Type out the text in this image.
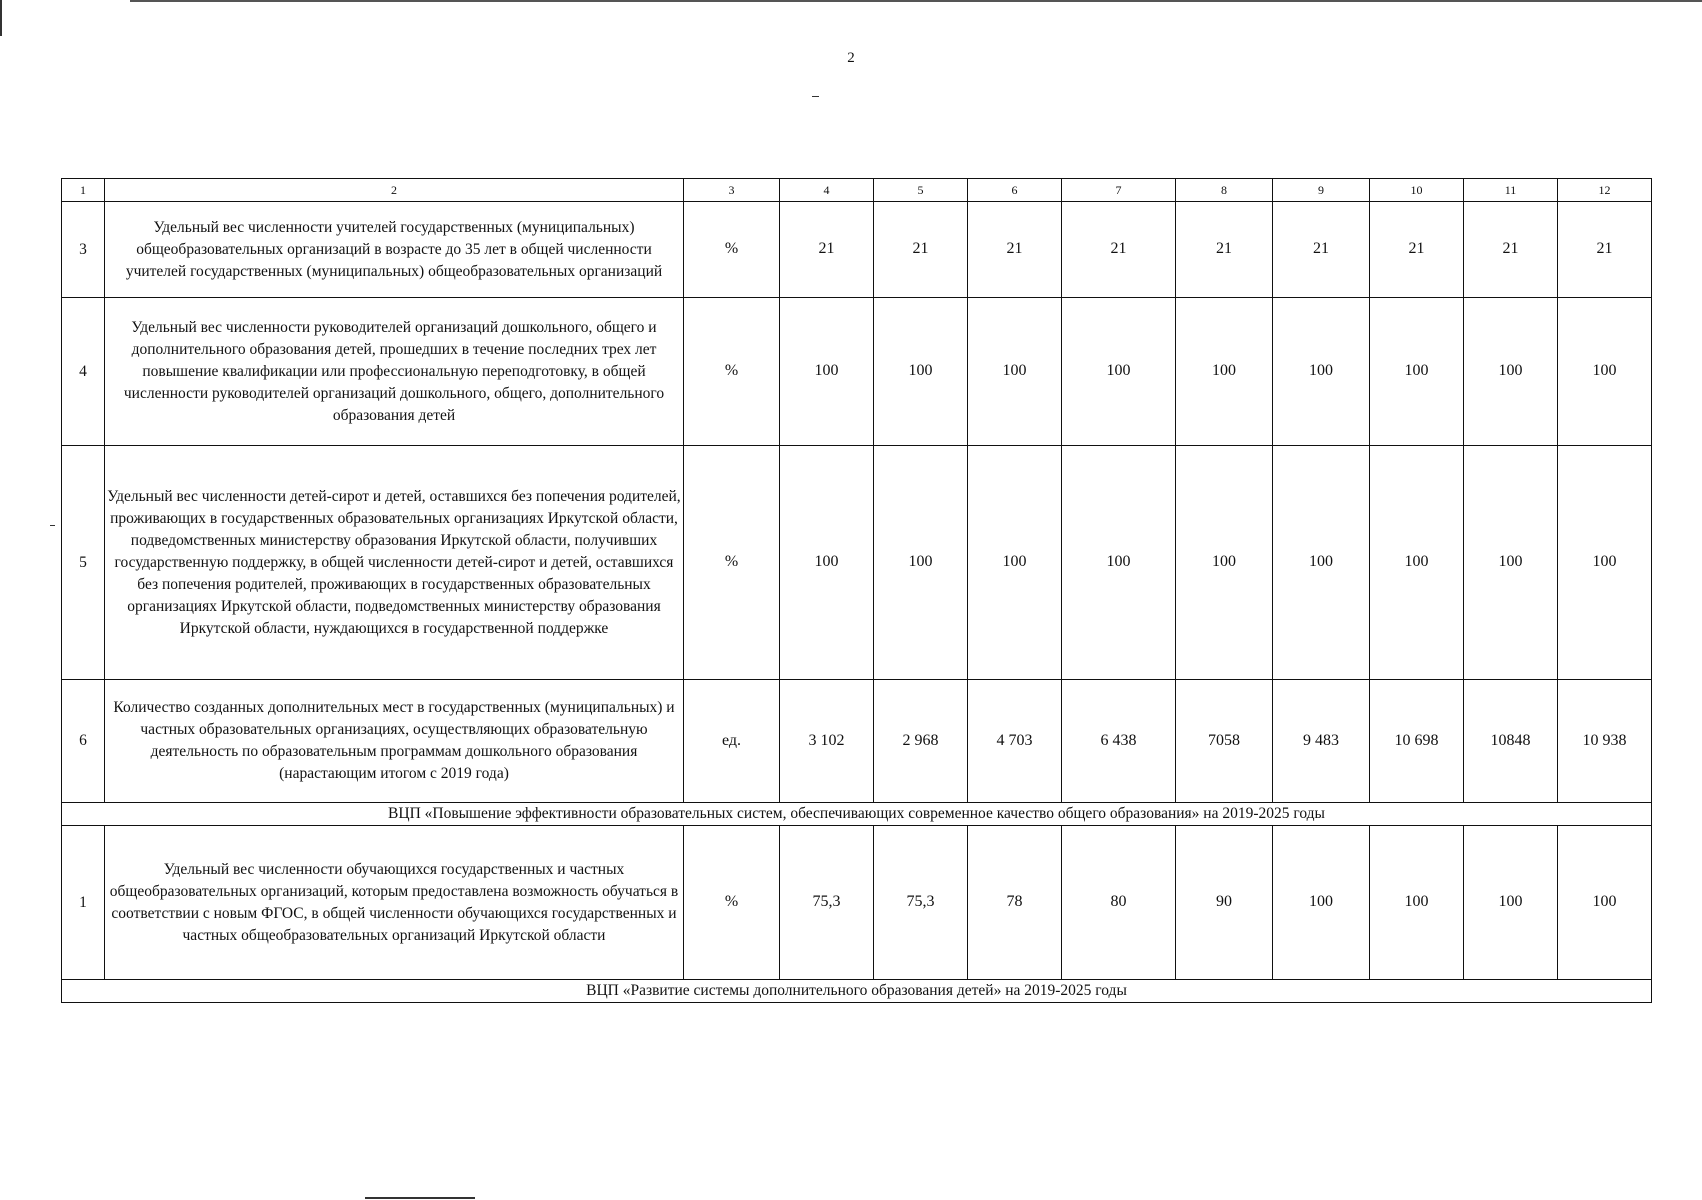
2
1	2	3	4	5	6	7	8	9	10	11	12
3	Удельный вес численности учителей государственных (муниципальных) общеобразовательных организаций в возрасте до 35 лет в общей численности учителей государственных (муниципальных) общеобразовательных организаций	%	21	21	21	21	21	21	21	21	21
4	Удельный вес численности руководителей организаций дошкольного, общего и дополнительного образования детей, прошедших в течение последних трех лет повышение квалификации или профессиональную переподготовку, в общей численности руководителей организаций дошкольного, общего, дополнительного образования детей	%	100	100	100	100	100	100	100	100	100
5	Удельный вес численности детей-сирот и детей, оставшихся без попечения родителей, проживающих в государственных образовательных организациях Иркутской области, подведомственных министерству образования Иркутской области, получивших государственную поддержку, в общей численности детей-сирот и детей, оставшихся без попечения родителей, проживающих в государственных образовательных организациях Иркутской области, подведомственных министерству образования Иркутской области, нуждающихся в государственной поддержке	%	100	100	100	100	100	100	100	100	100
6	Количество созданных дополнительных мест в государственных (муниципальных) и частных образовательных организациях, осуществляющих образовательную деятельность по образовательным программам дошкольного образования (нарастающим итогом с 2019 года)	ед.	3 102	2 968	4 703	6 438	7058	9 483	10 698	10848	10 938
ВЦП «Повышение эффективности образовательных систем, обеспечивающих современное качество общего образования» на 2019-2025 годы											
1	Удельный вес численности обучающихся государственных и частных общеобразовательных организаций, которым предоставлена возможность обучаться в соответствии с новым ФГОС, в общей численности обучающихся государственных и частных общеобразовательных организаций Иркутской области	%	75,3	75,3	78	80	90	100	100	100	100
ВЦП «Развитие системы дополнительного образования детей» на 2019-2025 годы											
